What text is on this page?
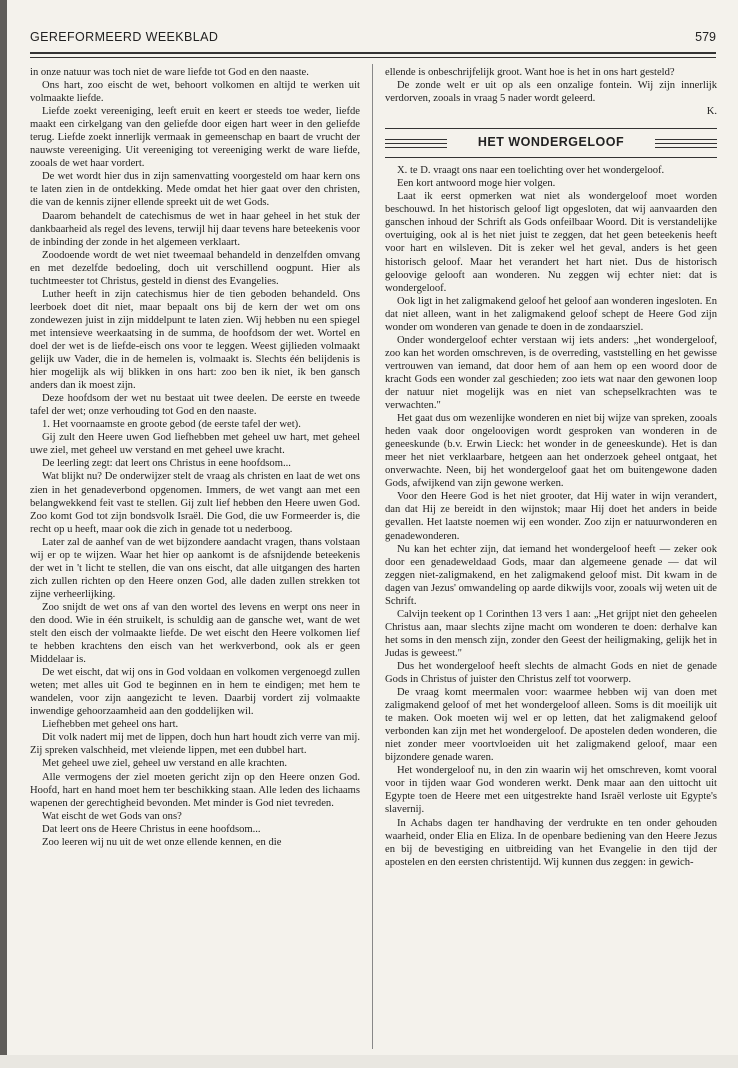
GEREFORMEERD WEEKBLAD	579

in onze natuur was toch niet de ware liefde tot God en den naaste.

Ons hart, zoo eischt de wet, behoort volkomen en altijd te werken uit volmaakte liefde.

Liefde zoekt vereeniging, leeft eruit en keert er steeds toe weder, liefde maakt een cirkelgang van den geliefde door eigen hart weer in den geliefde terug. Liefde zoekt innerlijk vermaak in gemeenschap en baart de vrucht der nauwste vereeniging. Uit vereeniging tot vereeniging werkt de ware liefde, zooals de wet haar vordert.

De wet wordt hier dus in zijn samenvatting voorgesteld om haar kern ons te laten zien in de ontdekking. Mede omdat het hier gaat over den christen, die van de kennis zijner ellende spreekt uit de wet Gods.

Daarom behandelt de catechismus de wet in haar geheel in het stuk der dankbaarheid als regel des levens, terwijl hij daar tevens hare beteekenis voor de inbinding der zonde in het algemeen verklaart.

Zoodoende wordt de wet niet tweemaal behandeld in denzelfden omvang en met dezelfde bedoeling, doch uit verschillend oogpunt. Hier als tuchtmeester tot Christus, gesteld in dienst des Evangelies.

Luther heeft in zijn catechismus hier de tien geboden behandeld. Ons leerboek doet dit niet, maar bepaalt ons bij de kern der wet om ons zondewezen juist in zijn middelpunt te laten zien. Wij hebben nu een spiegel met intensieve weerkaatsing in de summa, de hoofdsom der wet. Wortel en doel der wet is de liefde-eisch ons voor te leggen. Weest gijlieden volmaakt gelijk uw Vader, die in de hemelen is, volmaakt is. Slechts één belijdenis is hier mogelijk als wij blikken in ons hart: zoo ben ik niet, ik ben gansch anders dan ik moest zijn.

Deze hoofdsom der wet nu bestaat uit twee deelen. De eerste en tweede tafel der wet; onze verhouding tot God en den naaste.

1. Het voornaamste en groote gebod (de eerste tafel der wet).

Gij zult den Heere uwen God liefhebben met geheel uw hart, met geheel uwe ziel, met geheel uw verstand en met geheel uwe kracht.

De leerling zegt: dat leert ons Christus in eene hoofdsom...

Wat blijkt nu? De onderwijzer stelt de vraag als christen en laat de wet ons zien in het genadeverbond opgenomen. Immers, de wet vangt aan met een belangwekkend feit vast te stellen. Gij zult lief hebben den Heere uwen God. Zoo komt God tot zijn bondsvolk Israël. Die God, die uw Formeerder is, die recht op u heeft, maar ook die zich in genade tot u nederboog.

Later zal de aanhef van de wet bijzondere aandacht vragen, thans volstaan wij er op te wijzen. Waar het hier op aankomt is de afsnijdende beteekenis der wet in 't licht te stellen, die van ons eischt, dat alle uitgangen des harten zich zullen richten op den Heere onzen God, alle daden zullen strekken tot zijne verheerlijking.

Zoo snijdt de wet ons af van den wortel des levens en werpt ons neer in den dood. Wie in één struikelt, is schuldig aan de gansche wet, want de wet stelt den eisch der volmaakte liefde. De wet eischt den Heere volkomen lief te hebben krachtens den eisch van het werkverbond, ook als er geen Middelaar is.

De wet eischt, dat wij ons in God voldaan en volkomen vergenoegd zullen weten; met alles uit God te beginnen en in hem te eindigen; met hem te wandelen, voor zijn aangezicht te leven. Daarbij vordert zij volmaakte inwendige gehoorzaamheid aan den goddelijken wil.

Liefhebben met geheel ons hart.

Dit volk nadert mij met de lippen, doch hun hart houdt zich verre van mij. Zij spreken valschheid, met vleiende lippen, met een dubbel hart.

Met geheel uwe ziel, geheel uw verstand en alle krachten.

Alle vermogens der ziel moeten gericht zijn op den Heere onzen God. Hoofd, hart en hand moet hem ter beschikking staan. Alle leden des lichaams wapenen der gerechtigheid bevonden. Met minder is God niet tevreden.

Wat eischt de wet Gods van ons?

Dat leert ons de Heere Christus in eene hoofdsom...

Zoo leeren wij nu uit de wet onze ellende kennen, en die

ellende is onbeschrijfelijk groot. Want hoe is het in ons hart gesteld?

De zonde welt er uit op als een onzalige fontein. Wij zijn innerlijk verdorven, zooals in vraag 5 nader wordt geleerd.

K.

HET WONDERGELOOF

X. te D. vraagt ons naar een toelichting over het wondergeloof.

Een kort antwoord moge hier volgen.

Laat ik eerst opmerken wat niet als wondergeloof moet worden beschouwd. In het historisch geloof ligt opgesloten, dat wij aanvaarden den ganschen inhoud der Schrift als Gods onfeilbaar Woord. Dit is verstandelijke overtuiging, ook al is het niet juist te zeggen, dat het geen beteekenis heeft voor hart en wilsleven. Dit is zeker wel het geval, anders is het geen historisch geloof. Maar het verandert het hart niet. Dus de historisch geloovige gelooft aan wonderen. Nu zeggen wij echter niet: dat is wondergeloof.

Ook ligt in het zaligmakend geloof het geloof aan wonderen ingesloten. En dat niet alleen, want in het zaligmakend geloof schept de Heere God zijn wonder om wonderen van genade te doen in de zondaarsziel.

Onder wondergeloof echter verstaan wij iets anders: „het wondergeloof, zoo kan het worden omschreven, is de overreding, vaststelling en het gewisse vertrouwen van iemand, dat door hem of aan hem op een woord door de kracht Gods een wonder zal geschieden; zoo iets wat naar den gewonen loop der natuur niet mogelijk was en niet van schepselkrachten was te verwachten."

Het gaat dus om wezenlijke wonderen en niet bij wijze van spreken, zooals heden vaak door ongeloovigen wordt gesproken van wonderen in de geneeskunde (b.v. Erwin Lieck: het wonder in de geneeskunde). Het is dan meer het niet verklaarbare, hetgeen aan het onderzoek geheel ontgaat, het onverwachte. Neen, bij het wondergeloof gaat het om buitengewone daden Gods, afwijkend van zijn gewone werken.

Voor den Heere God is het niet grooter, dat Hij water in wijn verandert, dan dat Hij ze bereidt in den wijnstok; maar Hij doet het anders in beide gevallen. Het laatste noemen wij een wonder. Zoo zijn er natuurwonderen en genadewonderen.

Nu kan het echter zijn, dat iemand het wondergeloof heeft — zeker ook door een genadeweldaad Gods, maar dan algemeene genade — dat wil zeggen niet-zaligmakend, en het zaligmakend geloof mist. Dit kwam in de dagen van Jezus' omwandeling op aarde dikwijls voor, zooals wij weten uit de Schrift.

Calvijn teekent op 1 Corinthen 13 vers 1 aan: „Het grijpt niet den geheelen Christus aan, maar slechts zijne macht om wonderen te doen: derhalve kan het soms in den mensch zijn, zonder den Geest der heiligmaking, gelijk het in Judas is geweest."

Dus het wondergeloof heeft slechts de almacht Gods en niet de genade Gods in Christus of juister den Christus zelf tot voorwerp.

De vraag komt meermalen voor: waarmee hebben wij van doen met zaligmakend geloof of met het wondergeloof alleen. Soms is dit moeilijk uit te maken. Ook moeten wij wel er op letten, dat het zaligmakend geloof verbonden kan zijn met het wondergeloof. De apostelen deden wonderen, die niet zonder meer voortvloeiden uit het zaligmakend geloof, maar een bijzondere genade waren.

Het wondergeloof nu, in den zin waarin wij het omschreven, komt vooral voor in tijden waar God wonderen werkt. Denk maar aan den uittocht uit Egypte toen de Heere met een uitgestrekte hand Israël verloste uit Egypte's slavernij.

In Achabs dagen ter handhaving der verdrukte en ten onder gehouden waarheid, onder Elia en Eliza. In de openbare bediening van den Heere Jezus en bij de bevestiging en uitbreiding van het Evangelie in den tijd der apostelen en den eersten christentijd. Wij kunnen dus zeggen: in gewich-
